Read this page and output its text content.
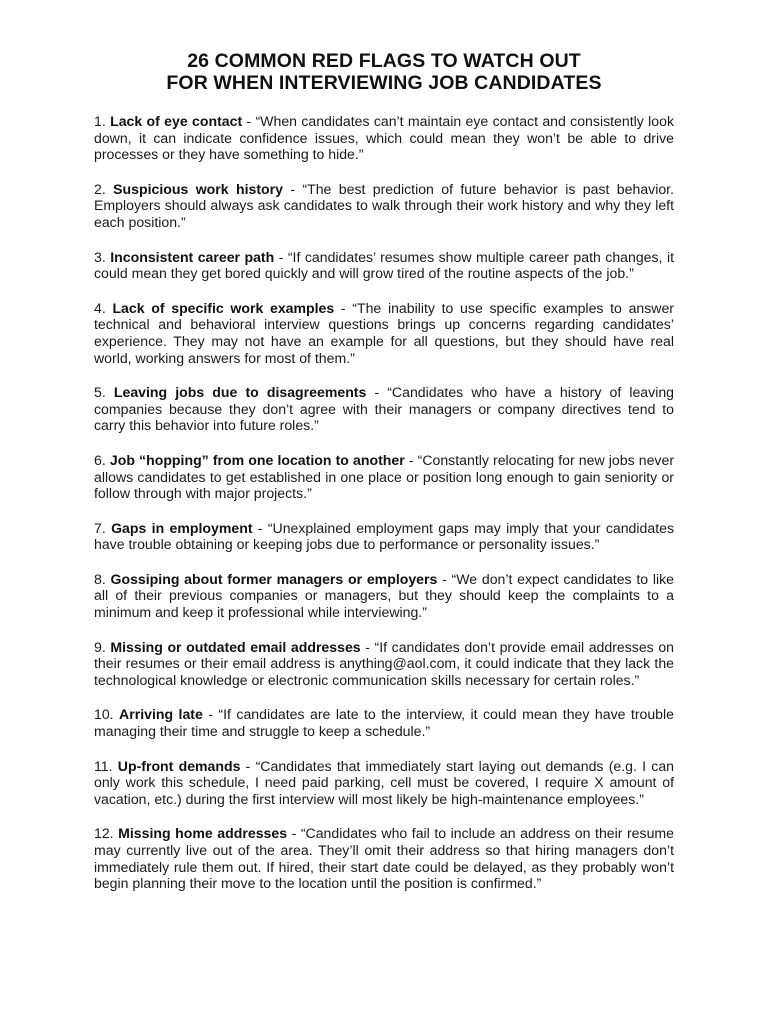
26 COMMON RED FLAGS TO WATCH OUT
FOR WHEN INTERVIEWING JOB CANDIDATES

1. Lack of eye contact - “When candidates can’t maintain eye contact and consistently look down, it can indicate confidence issues, which could mean they won’t be able to drive processes or they have something to hide.”

2. Suspicious work history - “The best prediction of future behavior is past behavior. Employers should always ask candidates to walk through their work history and why they left each position.”

3. Inconsistent career path - “If candidates’ resumes show multiple career path changes, it could mean they get bored quickly and will grow tired of the routine aspects of the job.”

4. Lack of specific work examples - “The inability to use specific examples to answer technical and behavioral interview questions brings up concerns regarding candidates’ experience. They may not have an example for all questions, but they should have real world, working answers for most of them.”

5. Leaving jobs due to disagreements - “Candidates who have a history of leaving companies because they don’t agree with their managers or company directives tend to carry this behavior into future roles.”

6. Job “hopping” from one location to another - “Constantly relocating for new jobs never allows candidates to get established in one place or position long enough to gain seniority or follow through with major projects.”

7. Gaps in employment - “Unexplained employment gaps may imply that your candidates have trouble obtaining or keeping jobs due to performance or personality issues.”

8. Gossiping about former managers or employers - “We don’t expect candidates to like all of their previous companies or managers, but they should keep the complaints to a minimum and keep it professional while interviewing.”

9. Missing or outdated email addresses - “If candidates don’t provide email addresses on their resumes or their email address is anything@aol.com, it could indicate that they lack the technological knowledge or electronic communication skills necessary for certain roles.”

10. Arriving late - “If candidates are late to the interview, it could mean they have trouble managing their time and struggle to keep a schedule.”

11. Up-front demands - “Candidates that immediately start laying out demands (e.g. I can only work this schedule, I need paid parking, cell must be covered, I require X amount of vacation, etc.) during the first interview will most likely be high-maintenance employees.”

12. Missing home addresses - “Candidates who fail to include an address on their resume may currently live out of the area. They’ll omit their address so that hiring managers don’t immediately rule them out. If hired, their start date could be delayed, as they probably won’t begin planning their move to the location until the position is confirmed.”
